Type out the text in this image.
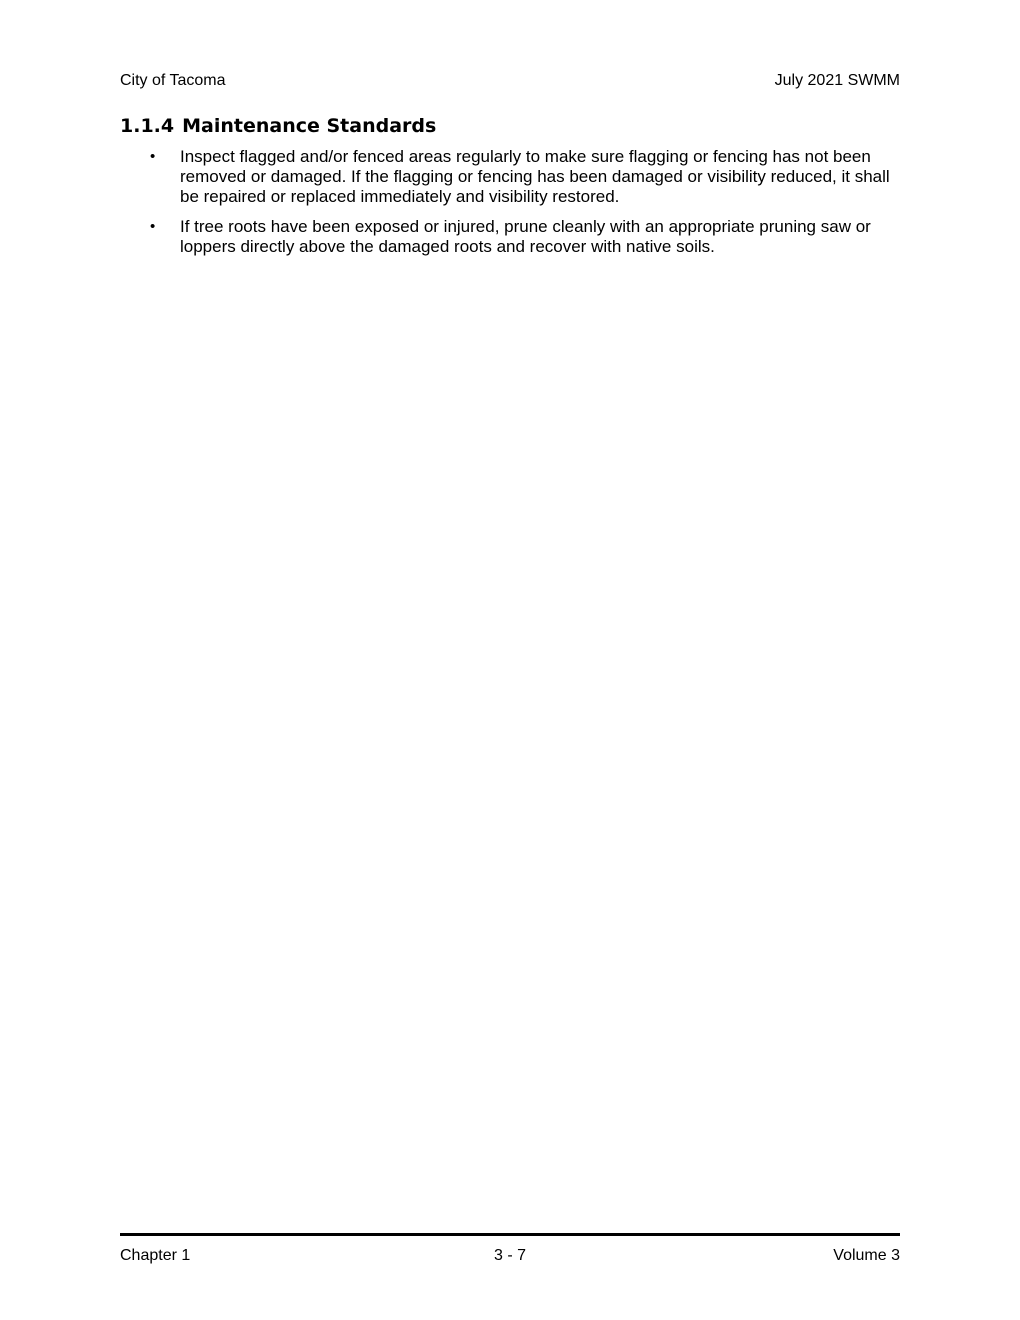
City of Tacoma	July 2021 SWMM
1.1.4 Maintenance Standards
•	Inspect flagged and/or fenced areas regularly to make sure flagging or fencing has not been removed or damaged. If the flagging or fencing has been damaged or visibility reduced, it shall be repaired or replaced immediately and visibility restored.
•	If tree roots have been exposed or injured, prune cleanly with an appropriate pruning saw or loppers directly above the damaged roots and recover with native soils.
Chapter 1	3 - 7	Volume 3
